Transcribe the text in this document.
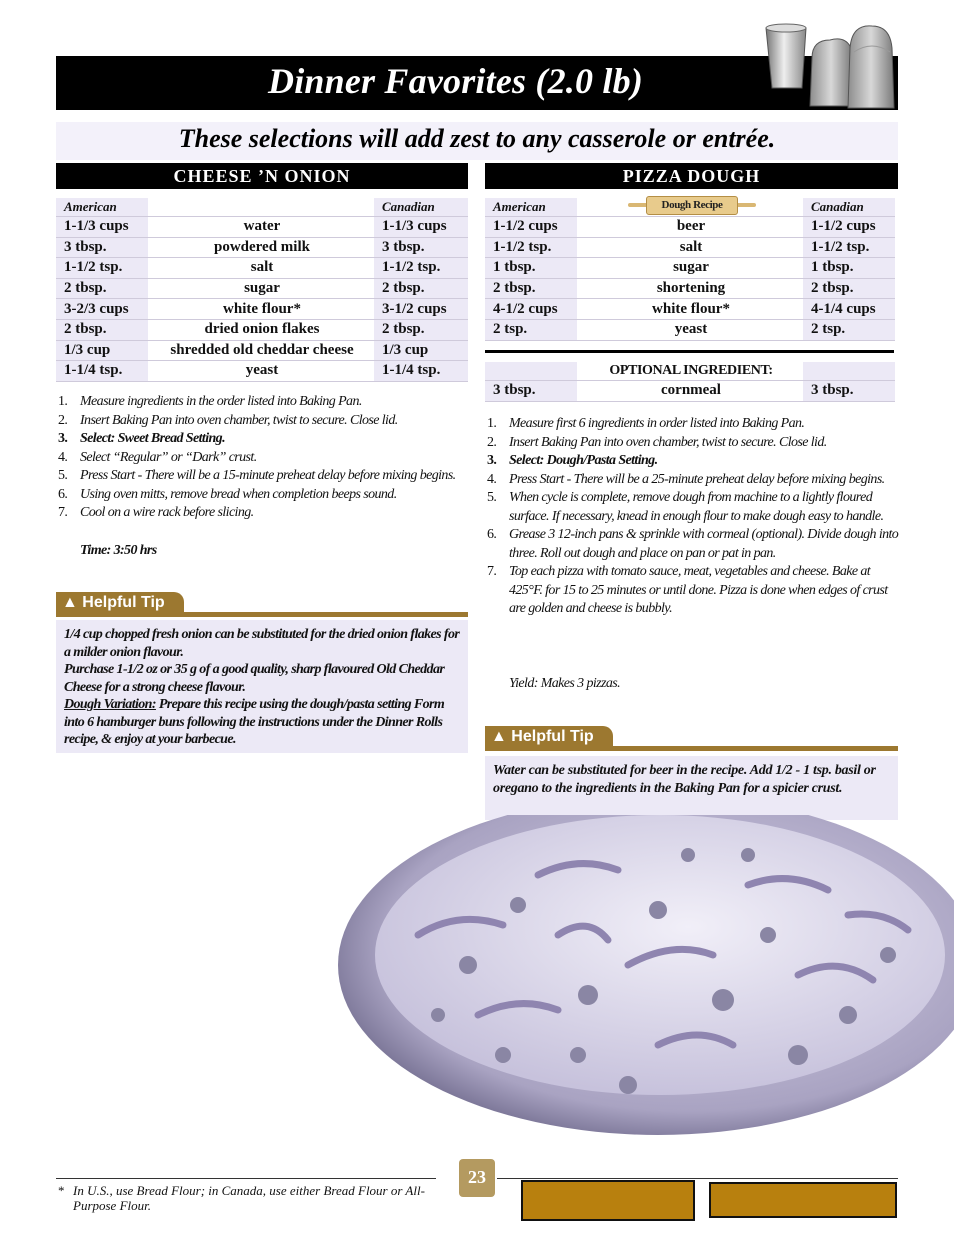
Dinner Favorites (2.0 lb)
These selections will add zest to any casserole or entrée.
CHEESE ’N ONION
American		Canadian
1-1/3 cups	water	1-1/3 cups
3 tbsp.	powdered milk	3 tbsp.
1-1/2 tsp.	salt	1-1/2 tsp.
2 tbsp.	sugar	2 tbsp.
3-2/3 cups	white flour*	3-1/2 cups
2 tbsp.	dried onion flakes	2 tbsp.
1/3 cup	shredded old cheddar cheese	1/3 cup
1-1/4 tsp.	yeast	1-1/4 tsp.
1. Measure ingredients in the order listed into Baking Pan.
2. Insert Baking Pan into oven chamber, twist to secure. Close lid.
3. Select: Sweet Bread Setting.
4. Select “Regular” or “Dark” crust.
5. Press Start - There will be a 15-minute preheat delay before mixing begins.
6. Using oven mitts, remove bread when completion beeps sound.
7. Cool on a wire rack before slicing.
Time: 3:50 hrs
▲ Helpful Tip
1/4 cup chopped fresh onion can be substituted for the dried onion flakes for a milder onion flavour.
Purchase 1-1/2 oz or 35 g of a good quality, sharp flavoured Old Cheddar Cheese for a strong cheese flavour.
Dough Variation: Prepare this recipe using the dough/pasta setting Form into 6 hamburger buns following the instructions under the Dinner Rolls recipe, & enjoy at your barbecue.
PIZZA DOUGH
American		Canadian
1-1/2 cups	beer	1-1/2 cups
1-1/2 tsp.	salt	1-1/2 tsp.
1 tbsp.	sugar	1 tbsp.
2 tbsp.	shortening	2 tbsp.
4-1/2 cups	white flour*	4-1/4 cups
2 tsp.	yeast	2 tsp.
Dough Recipe
	OPTIONAL INGREDIENT:	
3 tbsp.	cornmeal	3 tbsp.
1. Measure first 6 ingredients in order listed into Baking Pan.
2. Insert Baking Pan into oven chamber, twist to secure. Close lid.
3. Select: Dough/Pasta Setting.
4. Press Start - There will be a 25-minute preheat delay before mixing begins.
5. When cycle is complete, remove dough from machine to a lightly floured surface. If necessary, knead in enough flour to make dough easy to handle.
6. Grease 3 12-inch pans & sprinkle with cormeal (optional). Divide dough into three. Roll out dough and place on pan or pat in pan.
7. Top each pizza with tomato sauce, meat, vegetables and cheese. Bake at 425°F. for 15 to 25 minutes or until done. Pizza is done when edges of crust are golden and cheese is bubbly.
Yield: Makes 3 pizzas.
▲ Helpful Tip
Water can be substituted for beer in the recipe. Add 1/2 - 1 tsp. basil or oregano to the ingredients in the Baking Pan for a spicier crust.
23
* In U.S., use Bread Flour; in Canada, use either Bread Flour or All-Purpose Flour.
